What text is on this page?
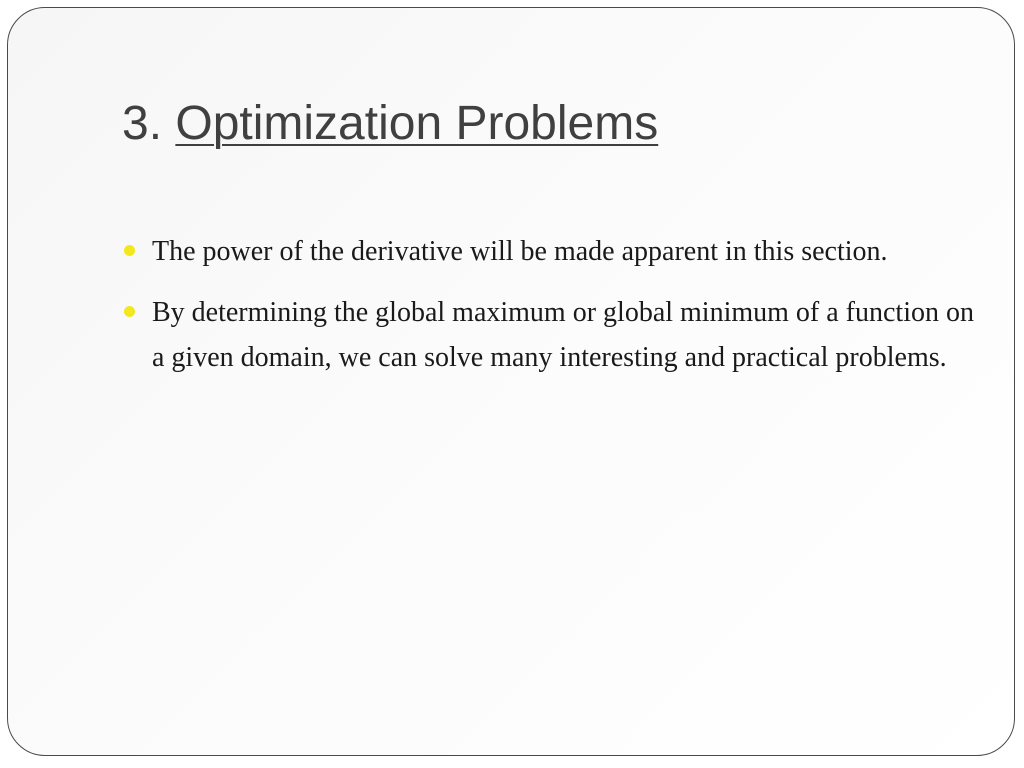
3. Optimization Problems
The power of the derivative will be made apparent in this section.
By determining the global maximum or global minimum of a function on a given domain, we can solve many interesting and practical problems.
